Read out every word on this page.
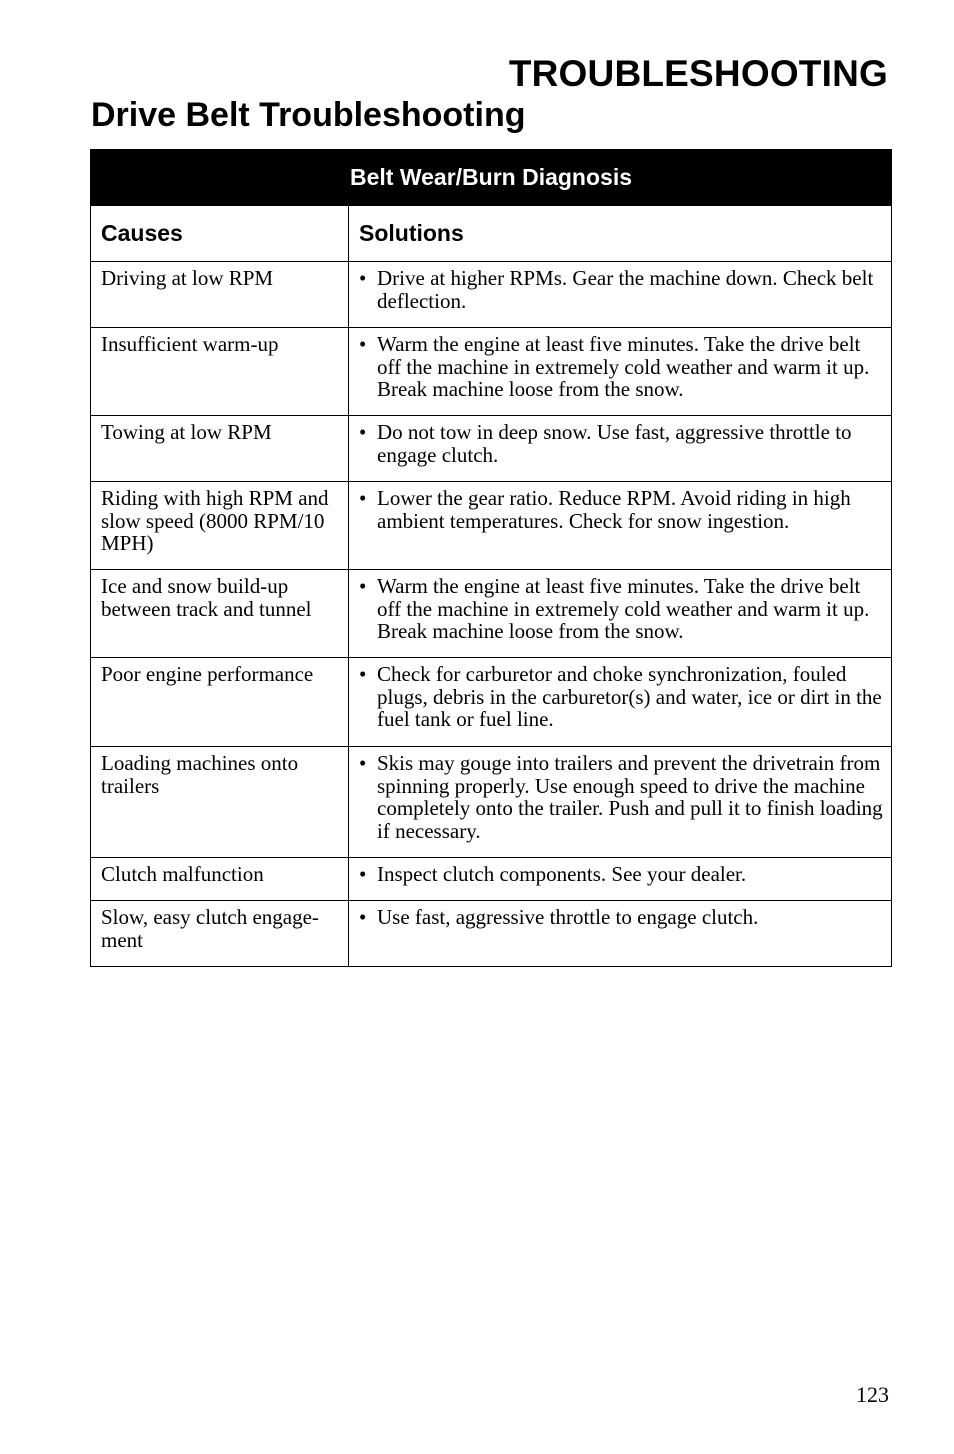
TROUBLESHOOTING
Drive Belt Troubleshooting
Belt Wear/Burn Diagnosis	
Causes	Solutions
Driving at low RPM	• Drive at higher RPMs. Gear the machine down. Check belt deflection.

Insufficient warm-up	• Warm the engine at least five minutes. Take the drive belt off the machine in extremely cold weather and warm it up. Break machine loose from the snow.

Towing at low RPM	• Do not tow in deep snow. Use fast, aggressive throttle to engage clutch.

Riding with high RPM and slow speed (8000 RPM/10 MPH)	• Lower the gear ratio. Reduce RPM. Avoid riding in high ambient temperatures. Check for snow ingestion.

Ice and snow build-up between track and tunnel	• Warm the engine at least five minutes. Take the drive belt off the machine in extremely cold weather and warm it up. Break machine loose from the snow.

Poor engine performance	• Check for carburetor and choke synchronization, fouled plugs, debris in the carburetor(s) and water, ice or dirt in the fuel tank or fuel line.

Loading machines onto trailers	• Skis may gouge into trailers and prevent the drivetrain from spinning properly. Use enough speed to drive the machine completely onto the trailer. Push and pull it to finish loading if necessary.

Clutch malfunction	• Inspect clutch components. See your dealer.

Slow, easy clutch engage-ment	• Use fast, aggressive throttle to engage clutch.

123
